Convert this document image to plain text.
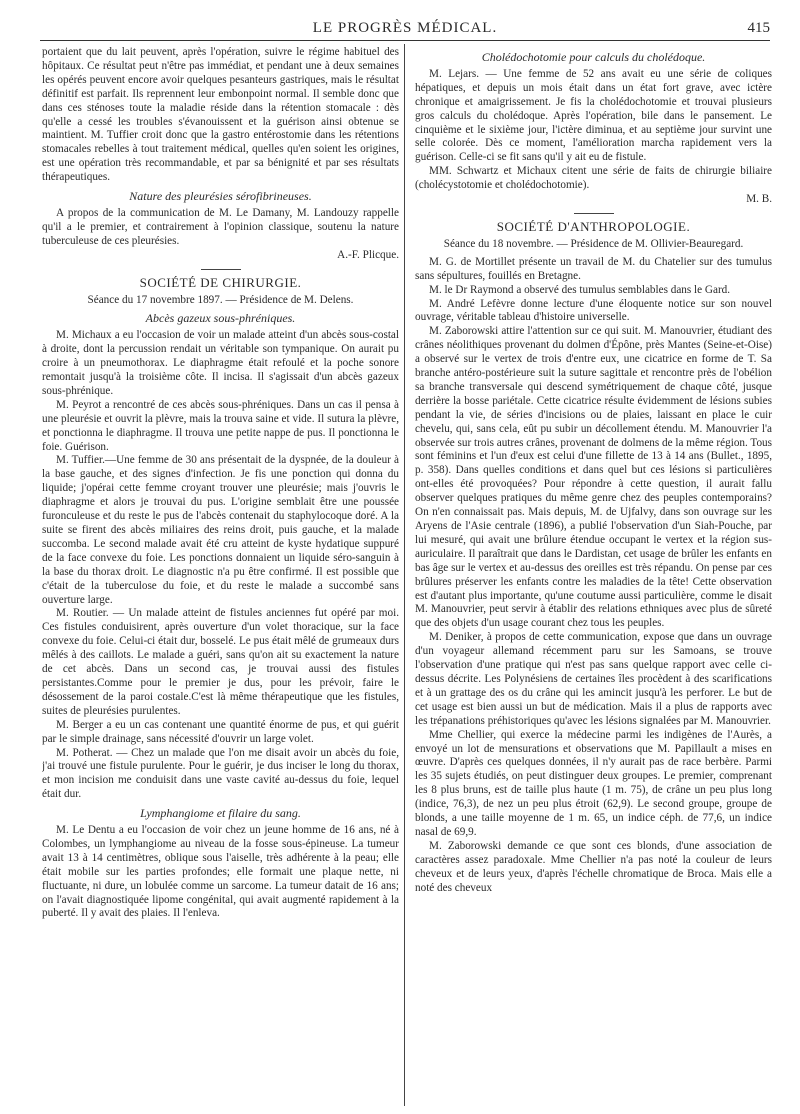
LE PROGRÈS MÉDICAL.	415

portaient que du lait peuvent, après l'opération, suivre le régime habituel des hôpitaux. Ce résultat peut n'être pas immédiat, et pendant une à deux semaines les opérés peuvent encore avoir quelques pesanteurs gastriques, mais le résultat définitif est parfait. Ils reprennent leur embonpoint normal. Il semble donc que dans ces sténoses toute la maladie réside dans la rétention stomacale : dès qu'elle a cessé les troubles s'évanouissent et la guérison ainsi obtenue se maintient. M. Tuffier croit donc que la gastro entérostomie dans les rétentions stomacales rebelles à tout traitement médical, quelles qu'en soient les origines, est une opération très recommandable, et par sa bénignité et par ses résultats thérapeutiques.

Nature des pleurésies sérofibrineuses.

A propos de la communication de M. Le Damany, M. Landouzy rappelle qu'il a le premier, et contrairement à l'opinion classique, soutenu la nature tuberculeuse de ces pleurésies.

A.-F. Plicque.
SOCIÉTÉ DE CHIRURGIE.
Séance du 17 novembre 1897. — Présidence de M. Delens.
Abcès gazeux sous-phréniques.

M. Michaux a eu l'occasion de voir un malade atteint d'un abcès sous-costal à droite, dont la percussion rendait un véritable son tympanique. On aurait pu croire à un pneumothorax. Le diaphragme était refoulé et la poche sonore remontait jusqu'à la troisième côte. Il incisa. Il s'agissait d'un abcès gazeux sous-phrénique.

M. Peyrot a rencontré de ces abcès sous-phréniques. Dans un cas il pensa à une pleurésie et ouvrit la plèvre, mais la trouva saine et vide. Il sutura la plèvre, et ponctionna le diaphragme. Il trouva une petite nappe de pus. Il ponctionna le foie. Guérison.

M. Tuffier.—Une femme de 30 ans présentait de la dyspnée, de la douleur à la base gauche, et des signes d'infection. Je fis une ponction qui donna du liquide; j'opérai cette femme croyant trouver une pleurésie; mais j'ouvris le diaphragme et alors je trouvai du pus. L'origine semblait être une poussée furonculeuse et du reste le pus de l'abcès contenait du staphylocoque doré. A la suite se firent des abcès miliaires des reins droit, puis gauche, et la malade succomba. Le second malade avait été cru atteint de kyste hydatique suppuré de la face convexe du foie. Les ponctions donnaient un liquide séro-sanguin à la base du thorax droit. Le diagnostic n'a pu être confirmé. Il est possible que c'était de la tuberculose du foie, et du reste le malade a succombé sans ouverture large.

M. Routier. — Un malade atteint de fistules anciennes fut opéré par moi. Ces fistules conduisirent, après ouverture d'un volet thoracique, sur la face convexe du foie. Celui-ci était dur, bosselé. Le pus était mêlé de grumeaux durs mêlés à des caillots. Le malade a guéri, sans qu'on ait su exactement la nature de cet abcès. Dans un second cas, je trouvai aussi des fistules persistantes.Comme pour le premier je dus, pour les prévoir, faire le désossement de la paroi costale.C'est là même thérapeutique que les fistules, suites de pleurésies purulentes.

M. Berger a eu un cas contenant une quantité énorme de pus, et qui guérit par le simple drainage, sans nécessité d'ouvrir un large volet.

M. Potherat. — Chez un malade que l'on me disait avoir un abcès du foie, j'ai trouvé une fistule purulente. Pour le guérir, je dus inciser le long du thorax, et mon incision me conduisit dans une vaste cavité au-dessus du foie, lequel était dur.

Lymphangiome et filaire du sang.

M. Le Dentu a eu l'occasion de voir chez un jeune homme de 16 ans, né à Colombes, un lymphangiome au niveau de la fosse sous-épineuse. La tumeur avait 13 à 14 centimètres, oblique sous l'aiselle, très adhérente à la peau; elle était mobile sur les parties profondes; elle formait une plaque nette, ni fluctuante, ni dure, un lobulée comme un sarcome. La tumeur datait de 16 ans; on l'avait diagnostiquée lipome congénital, qui avait augmenté rapidement à la puberté. Il y avait des plaies. Il l'enleva.

Cholédochotomie pour calculs du cholédoque.

M. Lejars. — Une femme de 52 ans avait eu une série de coliques hépatiques, et depuis un mois était dans un état fort grave, avec ictère chronique et amaigrissement. Je fis la cholédochotomie et trouvai plusieurs gros calculs du cholédoque. Après l'opération, bile dans le pansement. Le cinquième et le sixième jour, l'ictère diminua, et au septième jour survint une selle colorée. Dès ce moment, l'amélioration marcha rapidement vers la guérison. Celle-ci se fit sans qu'il y ait eu de fistule.

MM. Schwartz et Michaux citent une série de faits de chirurgie biliaire (cholécystotomie et cholédochotomie).

M. B.
SOCIÉTÉ D'ANTHROPOLOGIE.
Séance du 18 novembre. — Présidence de M. Ollivier-Beauregard.

M. G. de Mortillet présente un travail de M. du Chatelier sur des tumulus sans sépultures, fouillés en Bretagne.

M. le Dr Raymond a observé des tumulus semblables dans le Gard.

M. André Lefèvre donne lecture d'une éloquente notice sur son nouvel ouvrage, véritable tableau d'histoire universelle.

M. Zaborowski attire l'attention sur ce qui suit. M. Manouvrier, étudiant des crânes néolithiques provenant du dolmen d'Épône, près Mantes (Seine-et-Oise) a observé sur le vertex de trois d'entre eux, une cicatrice en forme de T. Sa branche antéro-postérieure suit la suture sagittale et rencontre près de l'obélion sa branche transversale qui descend symétriquement de chaque côté, jusque derrière la bosse pariétale. Cette cicatrice résulte évidemment de lésions subies pendant la vie, de séries d'incisions ou de plaies, laissant en place le cuir chevelu, qui, sans cela, eût pu subir un décollement étendu. M. Manouvrier l'a observée sur trois autres crânes, provenant de dolmens de la même région. Tous sont féminins et l'un d'eux est celui d'une fillette de 13 à 14 ans (Bullet., 1895, p. 358). Dans quelles conditions et dans quel but ces lésions si particulières ont-elles été provoquées? Pour répondre à cette question, il aurait fallu observer quelques pratiques du même genre chez des peuples contemporains? On n'en connaissait pas. Mais depuis, M. de Ujfalvy, dans son ouvrage sur les Aryens de l'Asie centrale (1896), a publié l'observation d'un Siah-Pouche, par lui mesuré, qui avait une brûlure étendue occupant le vertex et la région sus-auriculaire. Il paraîtrait que dans le Dardistan, cet usage de brûler les enfants en bas âge sur le vertex et au-dessus des oreilles est très répandu. On pense par ces brûlures préserver les enfants contre les maladies de la tête! Cette observation est d'autant plus importante, qu'une coutume aussi particulière, comme le disait M. Manouvrier, peut servir à établir des relations ethniques avec plus de sûreté que des objets d'un usage courant chez tous les peuples.

M. Deniker, à propos de cette communication, expose que dans un ouvrage d'un voyageur allemand récemment paru sur les Samoans, se trouve l'observation d'une pratique qui n'est pas sans quelque rapport avec celle ci-dessus décrite. Les Polynésiens de certaines îles procèdent à des scarifications et à un grattage des os du crâne qui les amincit jusqu'à les perforer. Le but de cet usage est bien aussi un but de médication. Mais il a plus de rapports avec les trépanations préhistoriques qu'avec les lésions signalées par M. Manouvrier.

Mme Chellier, qui exerce la médecine parmi les indigènes de l'Aurès, a envoyé un lot de mensurations et observations que M. Papillault a mises en œuvre. D'après ces quelques données, il n'y aurait pas de race berbère. Parmi les 35 sujets étudiés, on peut distinguer deux groupes. Le premier, comprenant les 8 plus bruns, est de taille plus haute (1 m. 75), de crâne un peu plus long (indice, 76,3), de nez un peu plus étroit (62,9). Le second groupe, groupe de blonds, a une taille moyenne de 1 m. 65, un indice céph. de 77,6, un indice nasal de 69,9.

M. Zaborowski demande ce que sont ces blonds, d'une association de caractères assez paradoxale. Mme Chellier n'a pas noté la couleur de leurs cheveux et de leurs yeux, d'après l'échelle chromatique de Broca. Mais elle a noté des cheveux
